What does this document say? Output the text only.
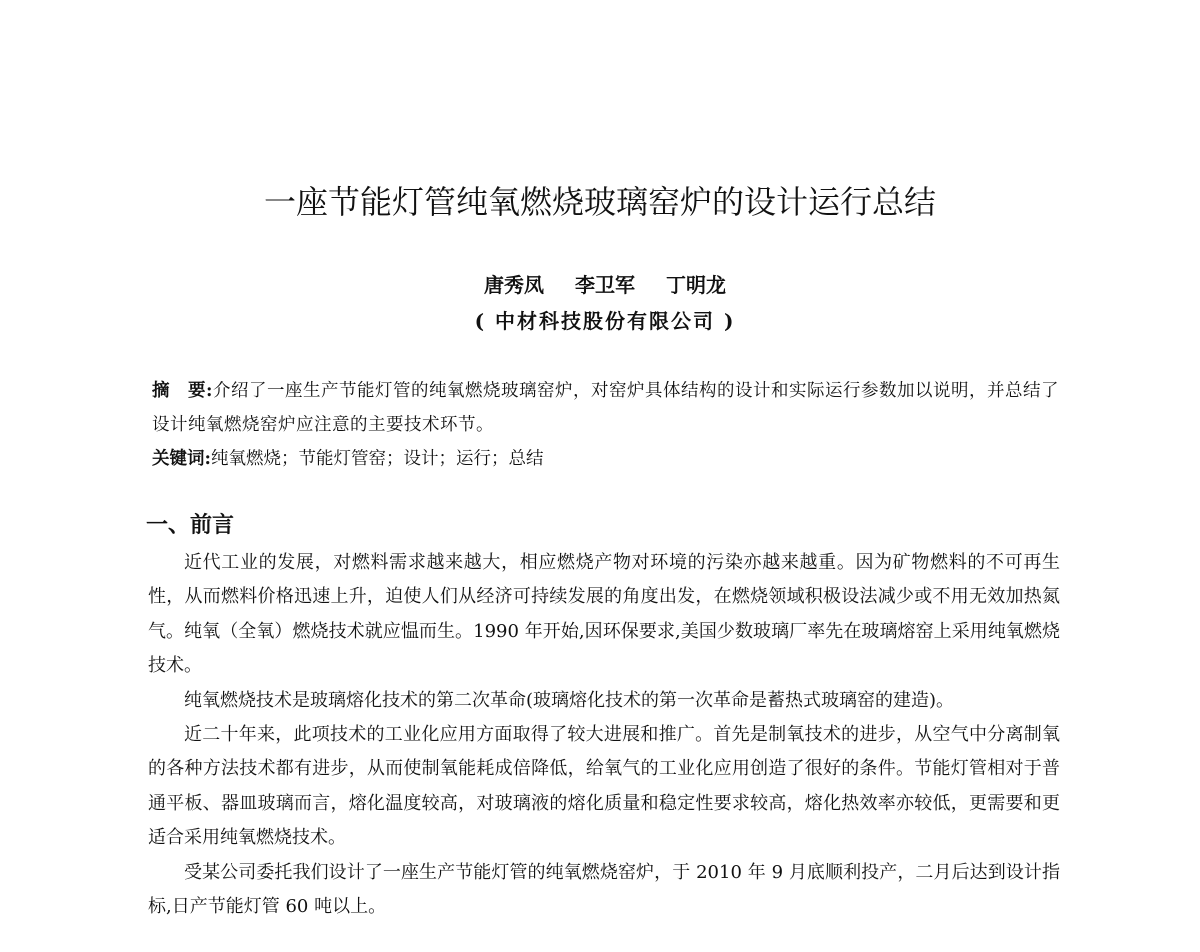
一座节能灯管纯氧燃烧玻璃窑炉的设计运行总结
唐秀凤 李卫军 丁明龙
( 中材科技股份有限公司 )
摘　要:介绍了一座生产节能灯管的纯氧燃烧玻璃窑炉，对窑炉具体结构的设计和实际运行参数加以说明，并总结了设计纯氧燃烧窑炉应注意的主要技术环节。
关键词:纯氧燃烧；节能灯管窑；设计；运行；总结
一、前言

近代工业的发展，对燃料需求越来越大，相应燃烧产物对环境的污染亦越来越重。因为矿物燃料的不可再生性，从而燃料价格迅速上升，迫使人们从经济可持续发展的角度出发，在燃烧领域积极设法减少或不用无效加热氮气。纯氧（全氧）燃烧技术就应愠而生。1990 年开始,因环保要求,美国少数玻璃厂率先在玻璃熔窑上采用纯氧燃烧技术。

纯氧燃烧技术是玻璃熔化技术的第二次革命(玻璃熔化技术的第一次革命是蓄热式玻璃窑的建造)。

近二十年来，此项技术的工业化应用方面取得了较大进展和推广。首先是制氧技术的进步，从空气中分离制氧的各种方法技术都有进步，从而使制氧能耗成倍降低，给氧气的工业化应用创造了很好的条件。节能灯管相对于普通平板、器皿玻璃而言，熔化温度较高，对玻璃液的熔化质量和稳定性要求较高，熔化热效率亦较低，更需要和更适合采用纯氧燃烧技术。

受某公司委托我们设计了一座生产节能灯管的纯氧燃烧窑炉，于 2010 年 9 月底顺利投产，二月后达到设计指标,日产节能灯管 60 吨以上。
